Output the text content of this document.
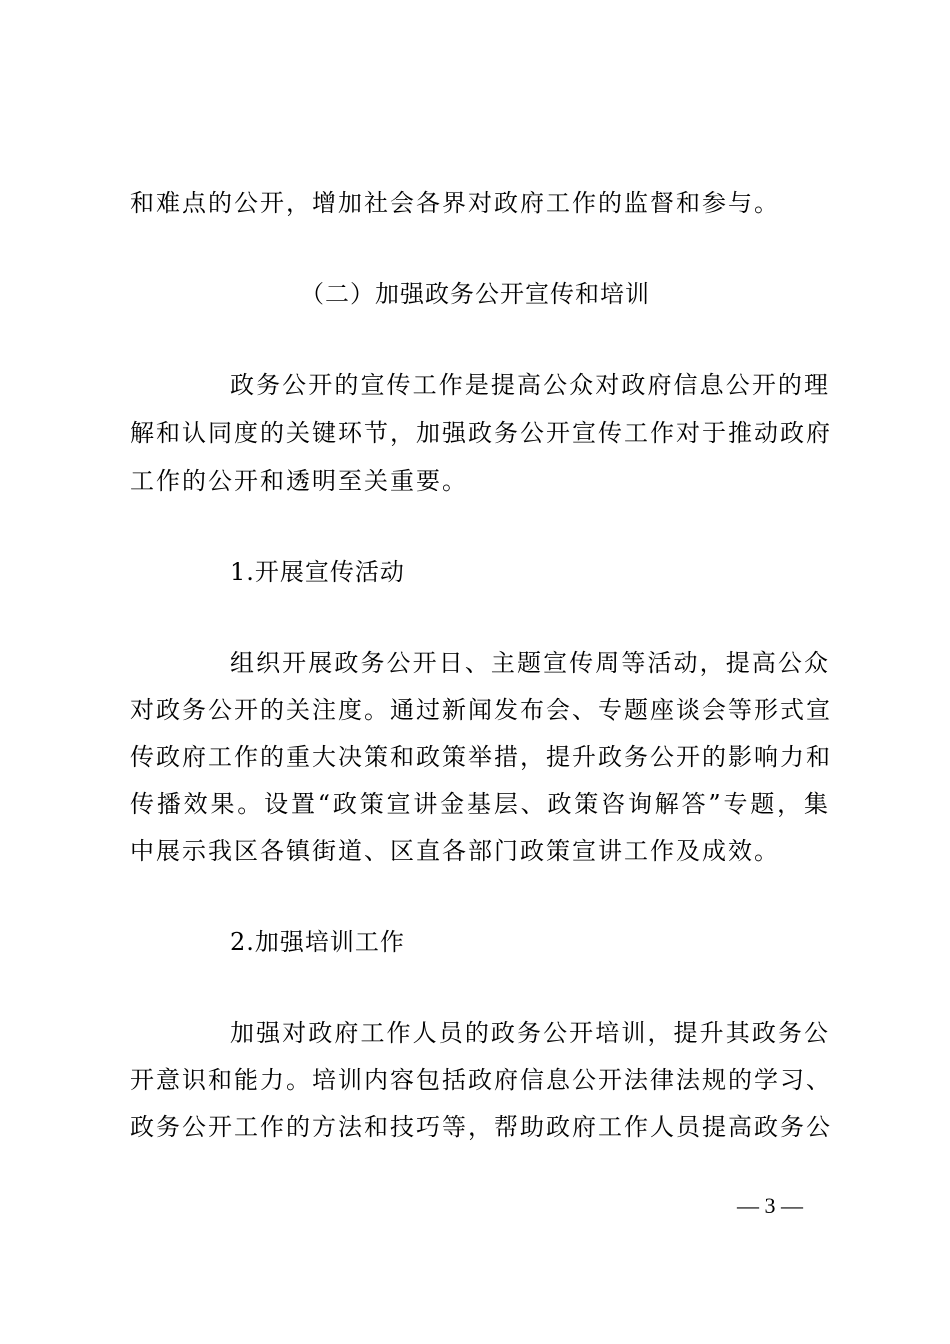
和难点的公开，增加社会各界对政府工作的监督和参与。
（二）加强政务公开宣传和培训
政务公开的宣传工作是提高公众对政府信息公开的理
解和认同度的关键环节，加强政务公开宣传工作对于推动政府
工作的公开和透明至关重要。
1.开展宣传活动
组织开展政务公开日、主题宣传周等活动，提高公众
对政务公开的关注度。通过新闻发布会、专题座谈会等形式宣
传政府工作的重大决策和政策举措，提升政务公开的影响力和
传播效果。设置“政策宣讲金基层、政策咨询解答”专题，集
中展示我区各镇街道、区直各部门政策宣讲工作及成效。
2.加强培训工作
加强对政府工作人员的政务公开培训，提升其政务公
开意识和能力。培训内容包括政府信息公开法律法规的学习、
政务公开工作的方法和技巧等，帮助政府工作人员提高政务公
— 3 —
